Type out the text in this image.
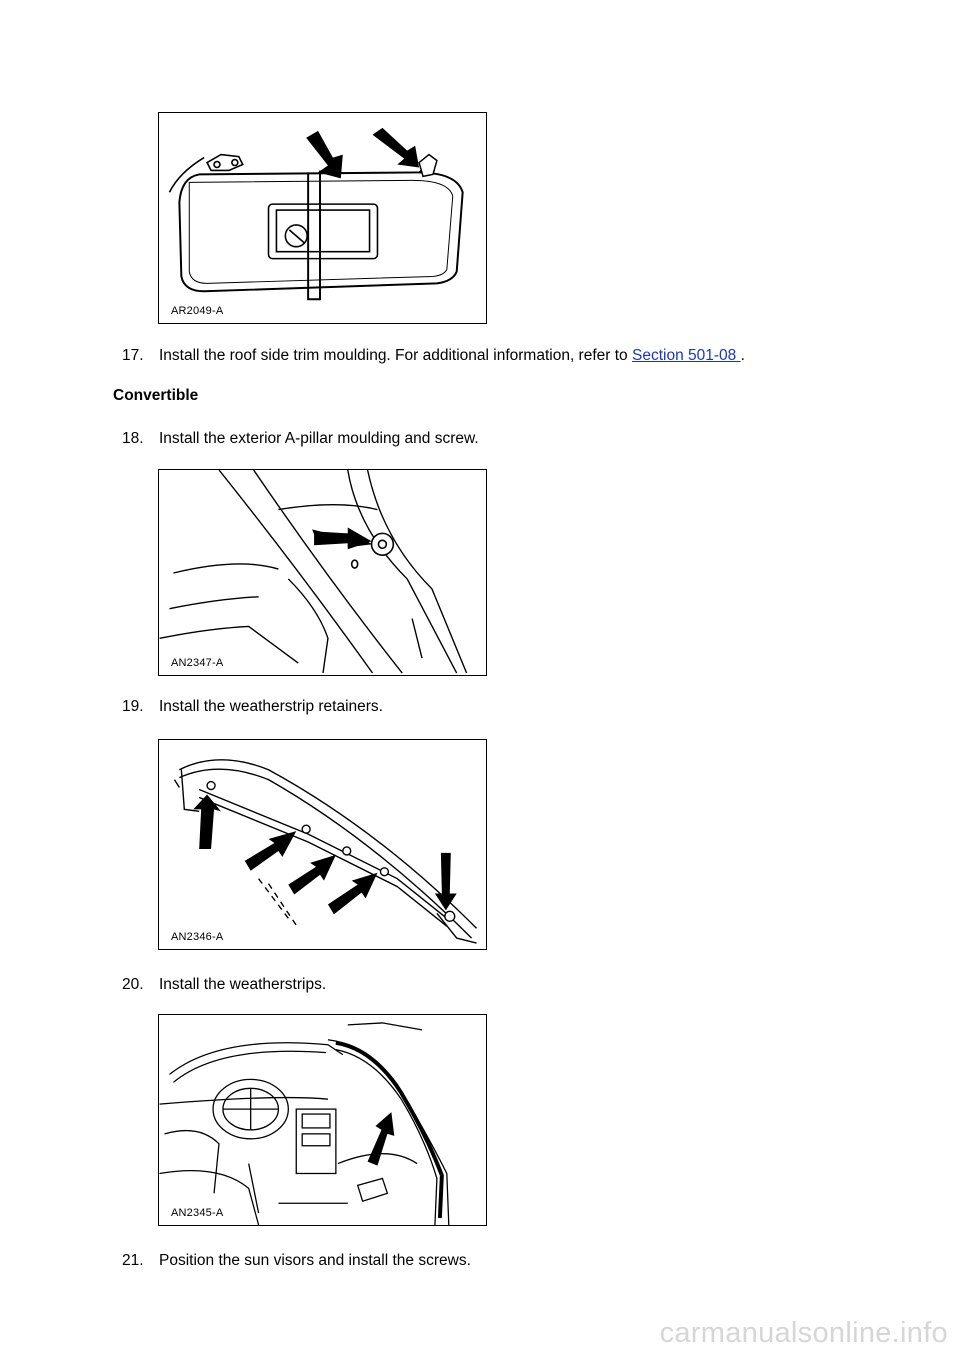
AR2049-A
17. Install the roof side trim moulding. For additional information, refer to Section 501-08 .
Convertible
18. Install the exterior A-pillar moulding and screw.
AN2347-A
19. Install the weatherstrip retainers.
AN2346-A
20. Install the weatherstrips.
AN2345-A
21. Position the sun visors and install the screws.
carmanualsonline.info
